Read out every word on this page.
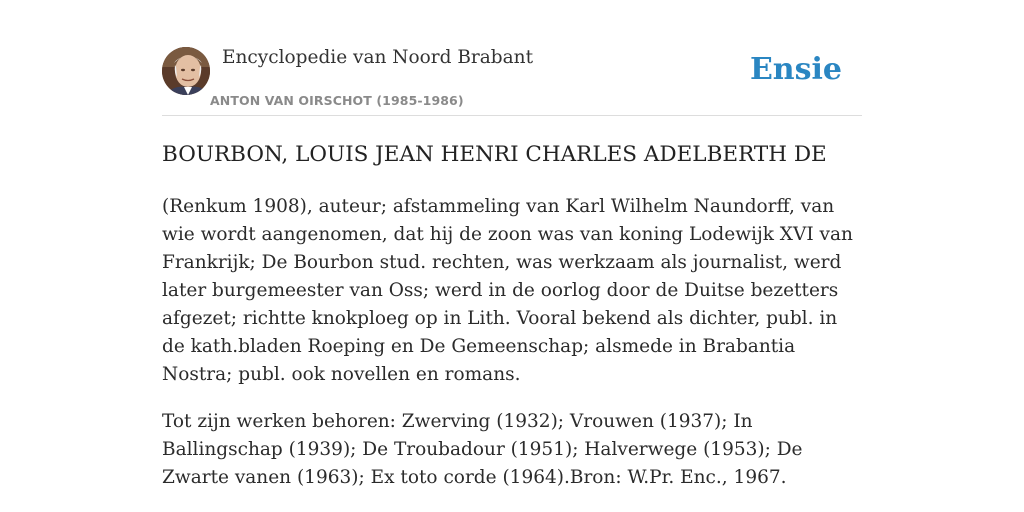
Encyclopedie van Noord Brabant
ANTON VAN OIRSCHOT (1985-1986)
Ensie
BOURBON, LOUIS JEAN HENRI CHARLES ADELBERTH DE

(Renkum 1908), auteur; afstammeling van Karl Wilhelm Naundorff, van wie wordt aangenomen, dat hij de zoon was van koning Lodewijk XVI van Frankrijk; De Bourbon stud. rechten, was werkzaam als journalist, werd later burgemeester van Oss; werd in de oorlog door de Duitse bezetters afgezet; richtte knokploeg op in Lith. Vooral bekend als dichter, publ. in de kath.bladen Roeping en De Gemeenschap; alsmede in Brabantia Nostra; publ. ook novellen en romans.

Tot zijn werken behoren: Zwerving (1932); Vrouwen (1937); In Ballingschap (1939); De Troubadour (1951); Halverwege (1953); De Zwarte vanen (1963); Ex toto corde (1964).Bron: W.Pr. Enc., 1967.
